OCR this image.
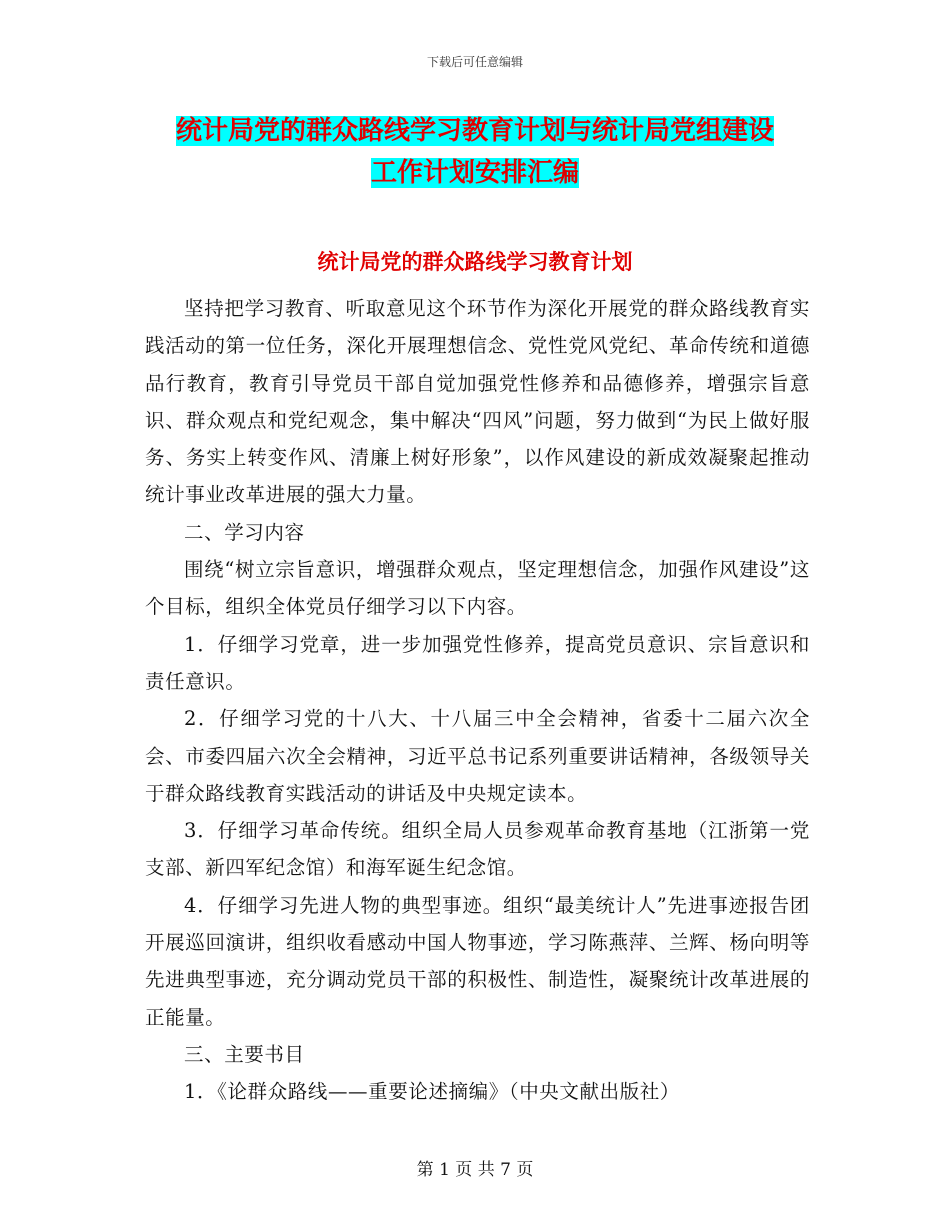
下载后可任意编辑
统计局党的群众路线学习教育计划与统计局党组建设
工作计划安排汇编
统计局党的群众路线学习教育计划

坚持把学习教育、听取意见这个环节作为深化开展党的群众路线教育实践活动的第一位任务，深化开展理想信念、党性党风党纪、革命传统和道德品行教育，教育引导党员干部自觉加强党性修养和品德修养，增强宗旨意识、群众观点和党纪观念，集中解决“四风”问题，努力做到“为民上做好服务、务实上转变作风、清廉上树好形象”，以作风建设的新成效凝聚起推动统计事业改革进展的强大力量。

二、学习内容

围绕“树立宗旨意识，增强群众观点，坚定理想信念，加强作风建设”这个目标，组织全体党员仔细学习以下内容。

1．仔细学习党章，进一步加强党性修养，提高党员意识、宗旨意识和责任意识。

2．仔细学习党的十八大、十八届三中全会精神，省委十二届六次全会、市委四届六次全会精神，习近平总书记系列重要讲话精神，各级领导关于群众路线教育实践活动的讲话及中央规定读本。

3．仔细学习革命传统。组织全局人员参观革命教育基地（江浙第一党支部、新四军纪念馆）和海军诞生纪念馆。

4．仔细学习先进人物的典型事迹。组织“最美统计人”先进事迹报告团开展巡回演讲，组织收看感动中国人物事迹，学习陈燕萍、兰辉、杨向明等先进典型事迹，充分调动党员干部的积极性、制造性，凝聚统计改革进展的正能量。

三、主要书目

1．《论群众路线——重要论述摘编》（中央文献出版社）

第 1 页 共 7 页
